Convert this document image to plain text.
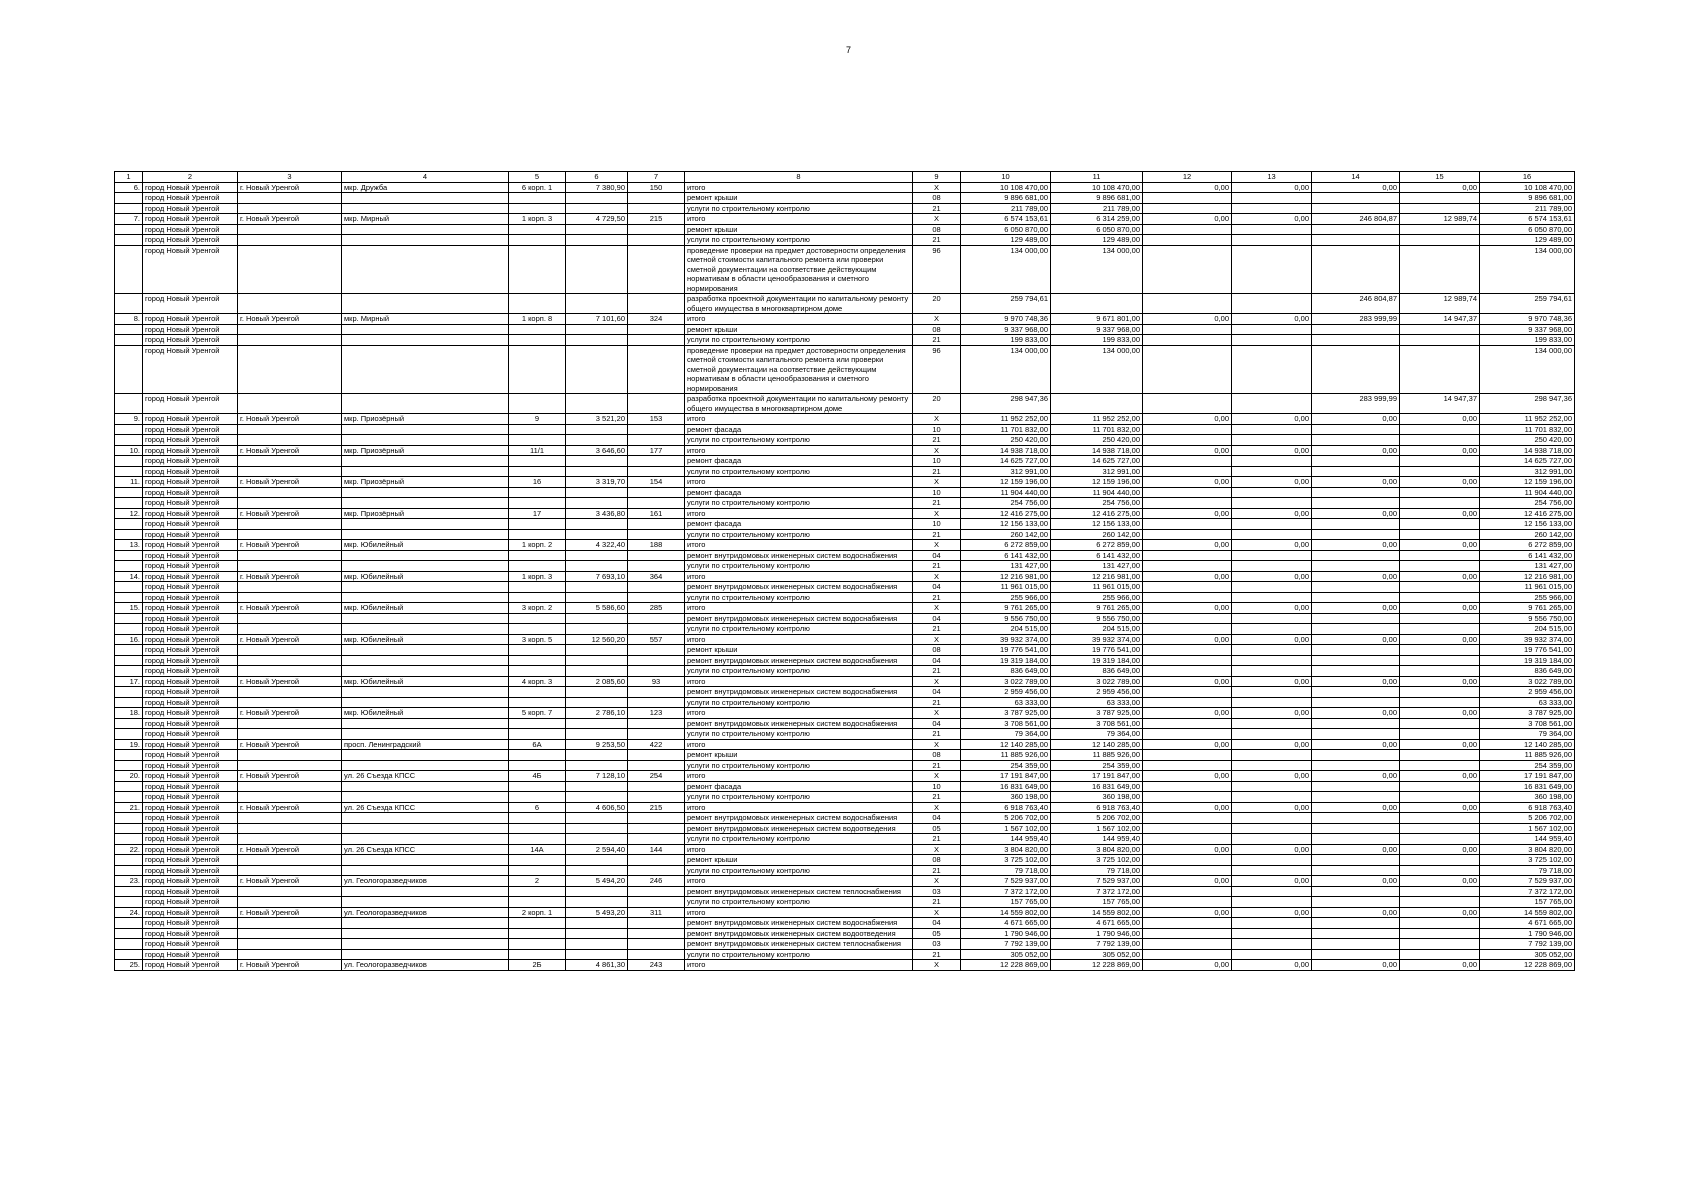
7
1	2	3	4	5	6	7	8	9	10	11	12	13	14	15	16
6.	город Новый Уренгой	г. Новый Уренгой	мкр. Дружба	6 корп. 1	7 380,90	150	итого	X	10 108 470,00	10 108 470,00	0,00	0,00	0,00	0,00	10 108 470,00
	город Новый Уренгой						ремонт крыши	08	9 896 681,00	9 896 681,00					9 896 681,00
	город Новый Уренгой						услуги по строительному контролю	21	211 789,00	211 789,00					211 789,00
7.	город Новый Уренгой	г. Новый Уренгой	мкр. Мирный	1 корп. 3	4 729,50	215	итого	X	6 574 153,61	6 314 259,00	0,00	0,00	246 804,87	12 989,74	6 574 153,61
	город Новый Уренгой						ремонт крыши	08	6 050 870,00	6 050 870,00					6 050 870,00
	город Новый Уренгой						услуги по строительному контролю	21	129 489,00	129 489,00					129 489,00
	город Новый Уренгой						проведение проверки на предмет достоверности определения сметной стоимости капитального ремонта или проверки сметной документации на соответствие действующим нормативам в области ценообразования и сметного нормирования	96	134 000,00	134 000,00					134 000,00
	город Новый Уренгой						разработка проектной документации по капитальному ремонту общего имущества в многоквартирном доме	20	259 794,61				246 804,87	12 989,74	259 794,61
8.	город Новый Уренгой	г. Новый Уренгой	мкр. Мирный	1 корп. 8	7 101,60	324	итого	X	9 970 748,36	9 671 801,00	0,00	0,00	283 999,99	14 947,37	9 970 748,36
	город Новый Уренгой						ремонт крыши	08	9 337 968,00	9 337 968,00					9 337 968,00
	город Новый Уренгой						услуги по строительному контролю	21	199 833,00	199 833,00					199 833,00
	город Новый Уренгой						проведение проверки на предмет достоверности определения сметной стоимости капитального ремонта или проверки сметной документации на соответствие действующим нормативам в области ценообразования и сметного нормирования	96	134 000,00	134 000,00					134 000,00
	город Новый Уренгой						разработка проектной документации по капитальному ремонту общего имущества в многоквартирном доме	20	298 947,36				283 999,99	14 947,37	298 947,36
9.	город Новый Уренгой	г. Новый Уренгой	мкр. Приозёрный	9	3 521,20	153	итого	X	11 952 252,00	11 952 252,00	0,00	0,00	0,00	0,00	11 952 252,00
	город Новый Уренгой						ремонт фасада	10	11 701 832,00	11 701 832,00					11 701 832,00
	город Новый Уренгой						услуги по строительному контролю	21	250 420,00	250 420,00					250 420,00
10.	город Новый Уренгой	г. Новый Уренгой	мкр. Приозёрный	11/1	3 646,60	177	итого	X	14 938 718,00	14 938 718,00	0,00	0,00	0,00	0,00	14 938 718,00
	город Новый Уренгой						ремонт фасада	10	14 625 727,00	14 625 727,00					14 625 727,00
	город Новый Уренгой						услуги по строительному контролю	21	312 991,00	312 991,00					312 991,00
11.	город Новый Уренгой	г. Новый Уренгой	мкр. Приозёрный	16	3 319,70	154	итого	X	12 159 196,00	12 159 196,00	0,00	0,00	0,00	0,00	12 159 196,00
	город Новый Уренгой						ремонт фасада	10	11 904 440,00	11 904 440,00					11 904 440,00
	город Новый Уренгой						услуги по строительному контролю	21	254 756,00	254 756,00					254 756,00
12.	город Новый Уренгой	г. Новый Уренгой	мкр. Приозёрный	17	3 436,80	161	итого	X	12 416 275,00	12 416 275,00	0,00	0,00	0,00	0,00	12 416 275,00
	город Новый Уренгой						ремонт фасада	10	12 156 133,00	12 156 133,00					12 156 133,00
	город Новый Уренгой						услуги по строительному контролю	21	260 142,00	260 142,00					260 142,00
13.	город Новый Уренгой	г. Новый Уренгой	мкр. Юбилейный	1 корп. 2	4 322,40	188	итого	X	6 272 859,00	6 272 859,00	0,00	0,00	0,00	0,00	6 272 859,00
	город Новый Уренгой						ремонт внутридомовых инженерных систем водоснабжения	04	6 141 432,00	6 141 432,00					6 141 432,00
	город Новый Уренгой						услуги по строительному контролю	21	131 427,00	131 427,00					131 427,00
14.	город Новый Уренгой	г. Новый Уренгой	мкр. Юбилейный	1 корп. 3	7 693,10	364	итого	X	12 216 981,00	12 216 981,00	0,00	0,00	0,00	0,00	12 216 981,00
	город Новый Уренгой						ремонт внутридомовых инженерных систем водоснабжения	04	11 961 015,00	11 961 015,00					11 961 015,00
	город Новый Уренгой						услуги по строительному контролю	21	255 966,00	255 966,00					255 966,00
15.	город Новый Уренгой	г. Новый Уренгой	мкр. Юбилейный	3 корп. 2	5 586,60	285	итого	X	9 761 265,00	9 761 265,00	0,00	0,00	0,00	0,00	9 761 265,00
	город Новый Уренгой						ремонт внутридомовых инженерных систем водоснабжения	04	9 556 750,00	9 556 750,00					9 556 750,00
	город Новый Уренгой						услуги по строительному контролю	21	204 515,00	204 515,00					204 515,00
16.	город Новый Уренгой	г. Новый Уренгой	мкр. Юбилейный	3 корп. 5	12 560,20	557	итого	X	39 932 374,00	39 932 374,00	0,00	0,00	0,00	0,00	39 932 374,00
	город Новый Уренгой						ремонт крыши	08	19 776 541,00	19 776 541,00					19 776 541,00
	город Новый Уренгой						ремонт внутридомовых инженерных систем водоснабжения	04	19 319 184,00	19 319 184,00					19 319 184,00
	город Новый Уренгой						услуги по строительному контролю	21	836 649,00	836 649,00					836 649,00
17.	город Новый Уренгой	г. Новый Уренгой	мкр. Юбилейный	4 корп. 3	2 085,60	93	итого	X	3 022 789,00	3 022 789,00	0,00	0,00	0,00	0,00	3 022 789,00
	город Новый Уренгой						ремонт внутридомовых инженерных систем водоснабжения	04	2 959 456,00	2 959 456,00					2 959 456,00
	город Новый Уренгой						услуги по строительному контролю	21	63 333,00	63 333,00					63 333,00
18.	город Новый Уренгой	г. Новый Уренгой	мкр. Юбилейный	5 корп. 7	2 786,10	123	итого	X	3 787 925,00	3 787 925,00	0,00	0,00	0,00	0,00	3 787 925,00
	город Новый Уренгой						ремонт внутридомовых инженерных систем водоснабжения	04	3 708 561,00	3 708 561,00					3 708 561,00
	город Новый Уренгой						услуги по строительному контролю	21	79 364,00	79 364,00					79 364,00
19.	город Новый Уренгой	г. Новый Уренгой	просп. Ленинградский	6А	9 253,50	422	итого	X	12 140 285,00	12 140 285,00	0,00	0,00	0,00	0,00	12 140 285,00
	город Новый Уренгой						ремонт крыши	08	11 885 926,00	11 885 926,00					11 885 926,00
	город Новый Уренгой						услуги по строительному контролю	21	254 359,00	254 359,00					254 359,00
20.	город Новый Уренгой	г. Новый Уренгой	ул. 26 Съезда КПСС	4Б	7 128,10	254	итого	X	17 191 847,00	17 191 847,00	0,00	0,00	0,00	0,00	17 191 847,00
	город Новый Уренгой						ремонт фасада	10	16 831 649,00	16 831 649,00					16 831 649,00
	город Новый Уренгой						услуги по строительному контролю	21	360 198,00	360 198,00					360 198,00
21.	город Новый Уренгой	г. Новый Уренгой	ул. 26 Съезда КПСС	6	4 606,50	215	итого	X	6 918 763,40	6 918 763,40	0,00	0,00	0,00	0,00	6 918 763,40
	город Новый Уренгой						ремонт внутридомовых инженерных систем водоснабжения	04	5 206 702,00	5 206 702,00					5 206 702,00
	город Новый Уренгой						ремонт внутридомовых инженерных систем водоотведения	05	1 567 102,00	1 567 102,00					1 567 102,00
	город Новый Уренгой						услуги по строительному контролю	21	144 959,40	144 959,40					144 959,40
22.	город Новый Уренгой	г. Новый Уренгой	ул. 26 Съезда КПСС	14А	2 594,40	144	итого	X	3 804 820,00	3 804 820,00	0,00	0,00	0,00	0,00	3 804 820,00
	город Новый Уренгой						ремонт крыши	08	3 725 102,00	3 725 102,00					3 725 102,00
	город Новый Уренгой						услуги по строительному контролю	21	79 718,00	79 718,00					79 718,00
23.	город Новый Уренгой	г. Новый Уренгой	ул. Геологоразведчиков	2	5 494,20	246	итого	X	7 529 937,00	7 529 937,00	0,00	0,00	0,00	0,00	7 529 937,00
	город Новый Уренгой						ремонт внутридомовых инженерных систем теплоснабжения	03	7 372 172,00	7 372 172,00					7 372 172,00
	город Новый Уренгой						услуги по строительному контролю	21	157 765,00	157 765,00					157 765,00
24.	город Новый Уренгой	г. Новый Уренгой	ул. Геологоразведчиков	2 корп. 1	5 493,20	311	итого	X	14 559 802,00	14 559 802,00	0,00	0,00	0,00	0,00	14 559 802,00
	город Новый Уренгой						ремонт внутридомовых инженерных систем водоснабжения	04	4 671 665,00	4 671 665,00					4 671 665,00
	город Новый Уренгой						ремонт внутридомовых инженерных систем водоотведения	05	1 790 946,00	1 790 946,00					1 790 946,00
	город Новый Уренгой						ремонт внутридомовых инженерных систем теплоснабжения	03	7 792 139,00	7 792 139,00					7 792 139,00
	город Новый Уренгой						услуги по строительному контролю	21	305 052,00	305 052,00					305 052,00
25.	город Новый Уренгой	г. Новый Уренгой	ул. Геологоразведчиков	2Б	4 861,30	243	итого	X	12 228 869,00	12 228 869,00	0,00	0,00	0,00	0,00	12 228 869,00
